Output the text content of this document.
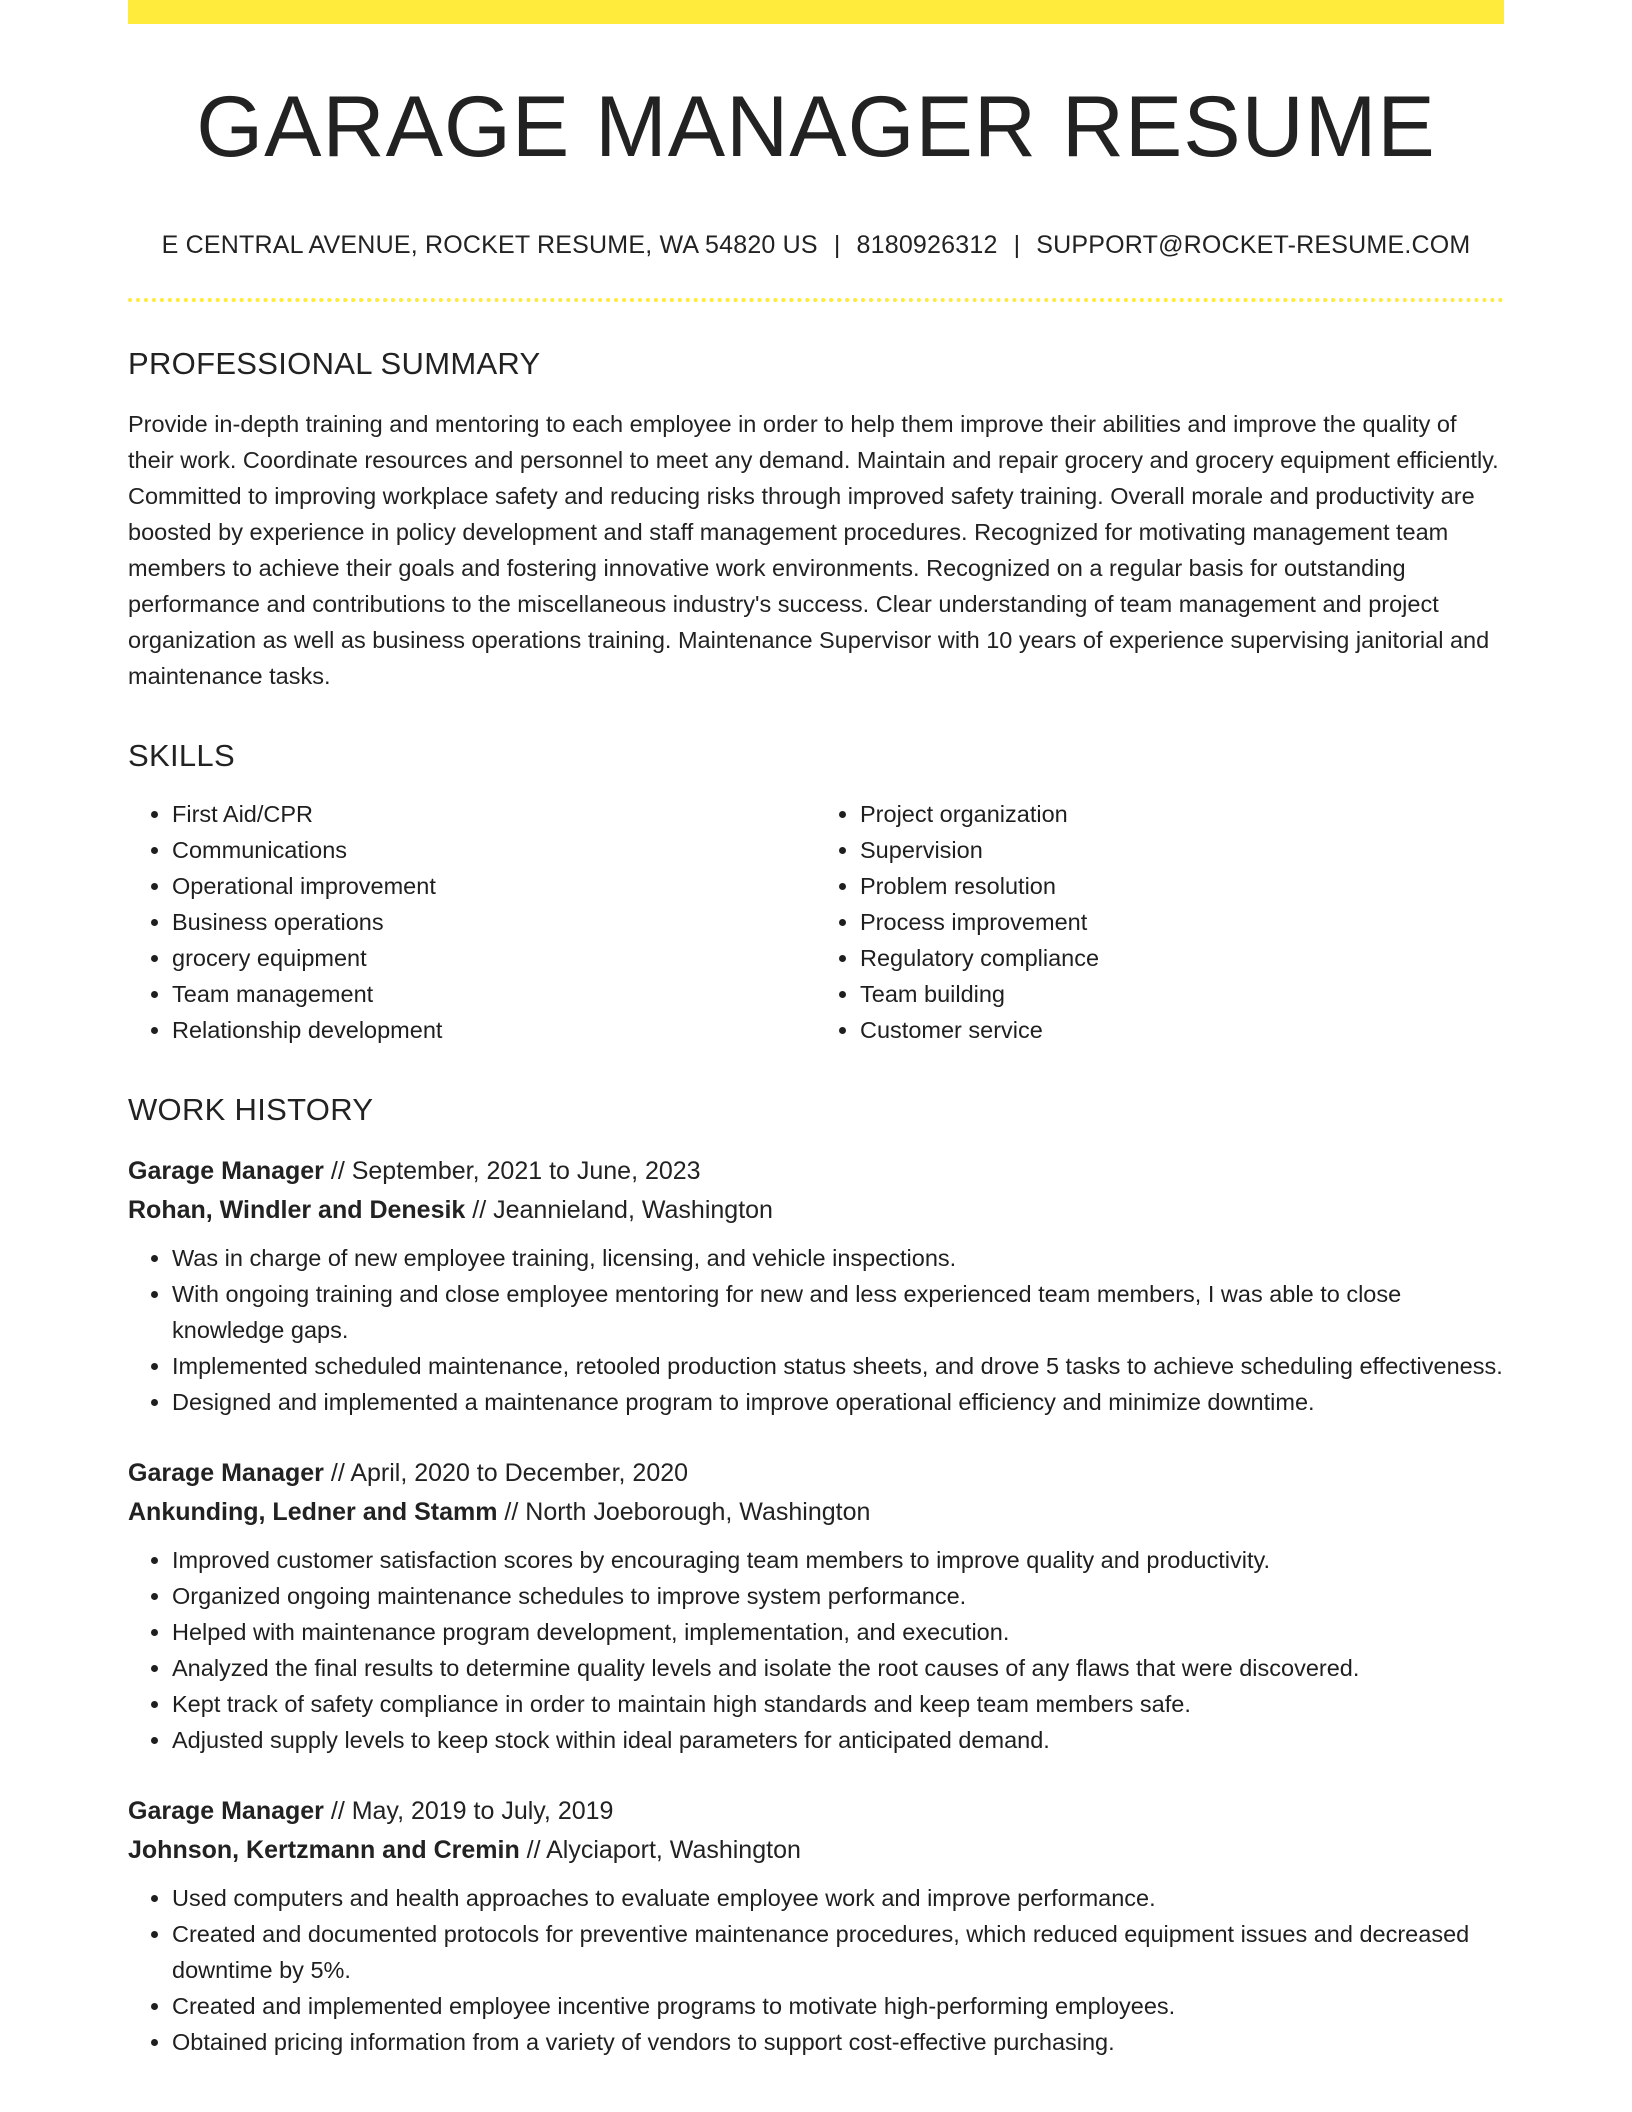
GARAGE MANAGER RESUME
E CENTRAL AVENUE, ROCKET RESUME, WA 54820 US | 8180926312 | SUPPORT@ROCKET-RESUME.COM
PROFESSIONAL SUMMARY
Provide in-depth training and mentoring to each employee in order to help them improve their abilities and improve the quality of their work. Coordinate resources and personnel to meet any demand. Maintain and repair grocery and grocery equipment efficiently. Committed to improving workplace safety and reducing risks through improved safety training. Overall morale and productivity are boosted by experience in policy development and staff management procedures. Recognized for motivating management team members to achieve their goals and fostering innovative work environments. Recognized on a regular basis for outstanding performance and contributions to the miscellaneous industry's success. Clear understanding of team management and project organization as well as business operations training. Maintenance Supervisor with 10 years of experience supervising janitorial and maintenance tasks.
SKILLS
• First Aid/CPR
• Communications
• Operational improvement
• Business operations
• grocery equipment
• Team management
• Relationship development
• Project organization
• Supervision
• Problem resolution
• Process improvement
• Regulatory compliance
• Team building
• Customer service
WORK HISTORY
Garage Manager // September, 2021 to June, 2023
Rohan, Windler and Denesik // Jeannieland, Washington
• Was in charge of new employee training, licensing, and vehicle inspections.
• With ongoing training and close employee mentoring for new and less experienced team members, I was able to close knowledge gaps.
• Implemented scheduled maintenance, retooled production status sheets, and drove 5 tasks to achieve scheduling effectiveness.
• Designed and implemented a maintenance program to improve operational efficiency and minimize downtime.
Garage Manager // April, 2020 to December, 2020
Ankunding, Ledner and Stamm // North Joeborough, Washington
• Improved customer satisfaction scores by encouraging team members to improve quality and productivity.
• Organized ongoing maintenance schedules to improve system performance.
• Helped with maintenance program development, implementation, and execution.
• Analyzed the final results to determine quality levels and isolate the root causes of any flaws that were discovered.
• Kept track of safety compliance in order to maintain high standards and keep team members safe.
• Adjusted supply levels to keep stock within ideal parameters for anticipated demand.
Garage Manager // May, 2019 to July, 2019
Johnson, Kertzmann and Cremin // Alyciaport, Washington
• Used computers and health approaches to evaluate employee work and improve performance.
• Created and documented protocols for preventive maintenance procedures, which reduced equipment issues and decreased downtime by 5%.
• Created and implemented employee incentive programs to motivate high-performing employees.
• Obtained pricing information from a variety of vendors to support cost-effective purchasing.
